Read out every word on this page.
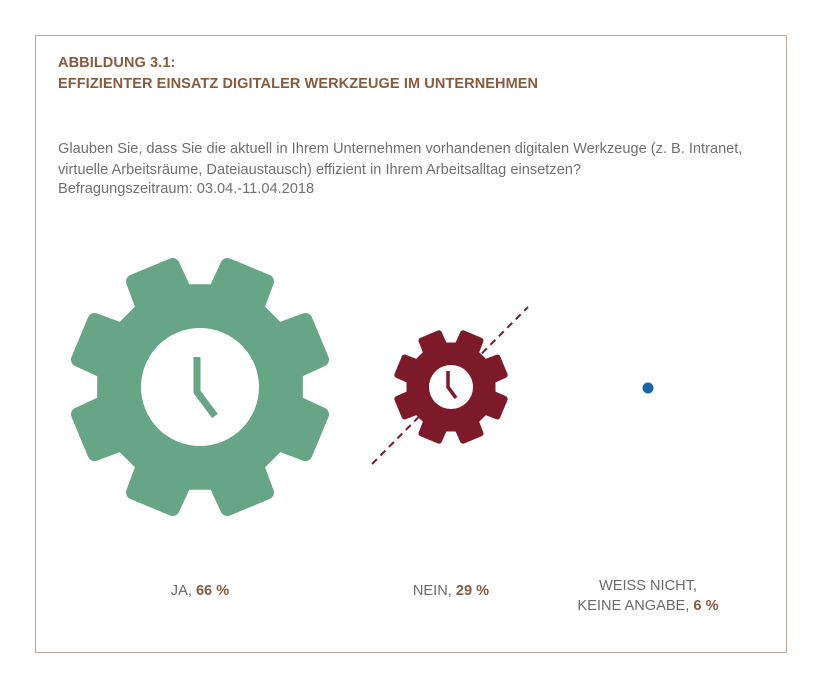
ABBILDUNG 3.1:
EFFIZIENTER EINSATZ DIGITALER WERKZEUGE IM UNTERNEHMEN

Glauben Sie, dass Sie die aktuell in Ihrem Unternehmen vorhandenen digitalen Werkzeuge (z. B. Intranet, virtuelle Arbeitsräume, Dateiaustausch) effizient in Ihrem Arbeitsalltag einsetzen?

Befragungszeitraum: 03.04.-11.04.2018

JA, 66 %	NEIN, 29 %	WEISS NICHT,
KEINE ANGABE, 6 %
